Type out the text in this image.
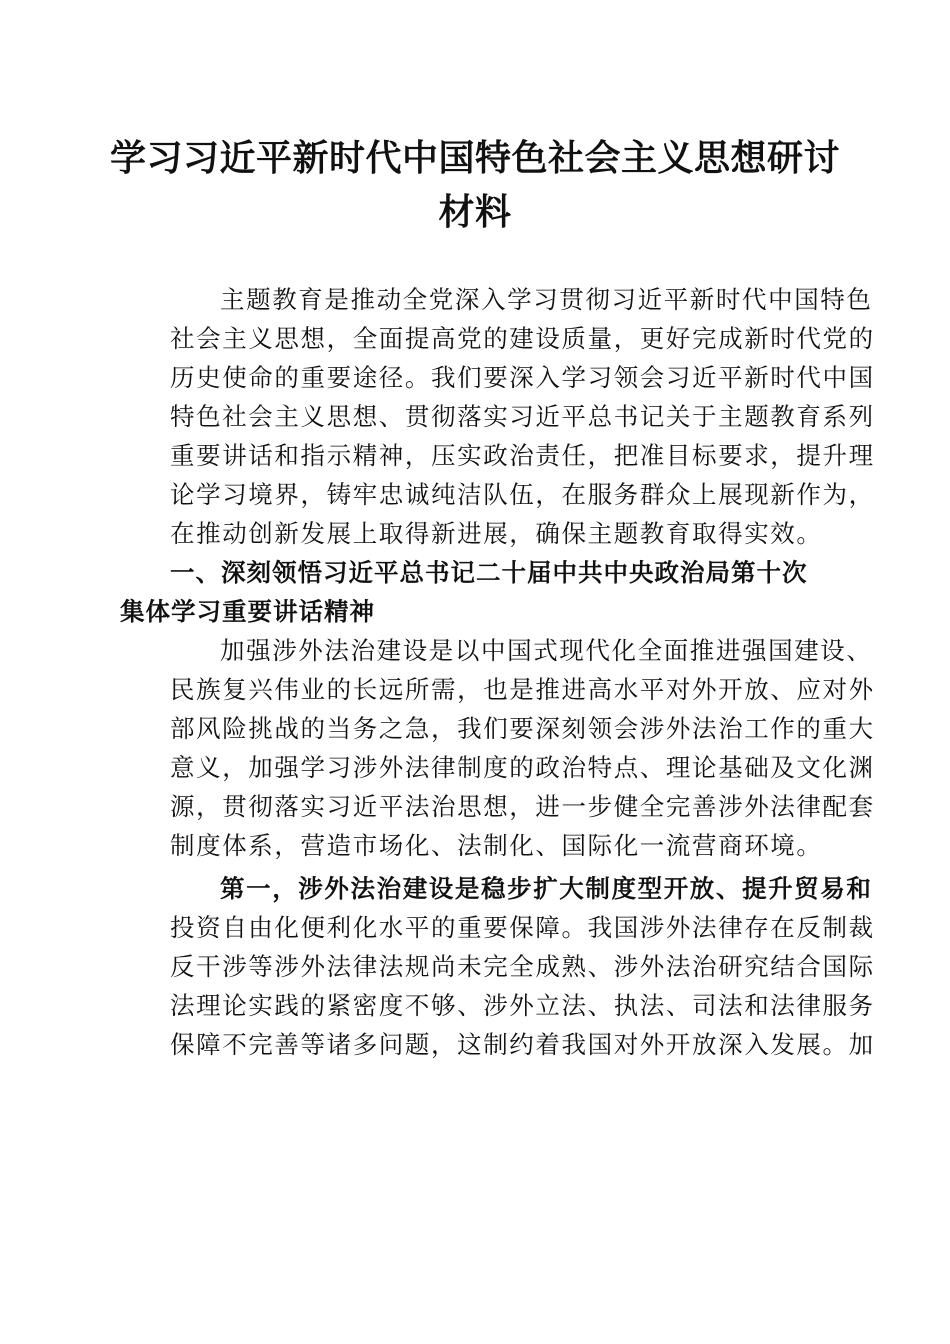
学习习近平新时代中国特色社会主义思想研讨
材料
主题教育是推动全党深入学习贯彻习近平新时代中国特色
社会主义思想，全面提高党的建设质量，更好完成新时代党的
历史使命的重要途径。我们要深入学习领会习近平新时代中国
特色社会主义思想、贯彻落实习近平总书记关于主题教育系列
重要讲话和指示精神，压实政治责任，把准目标要求，提升理
论学习境界，铸牢忠诚纯洁队伍，在服务群众上展现新作为，
在推动创新发展上取得新进展，确保主题教育取得实效。
一、深刻领悟习近平总书记二十届中共中央政治局第十次
集体学习重要讲话精神
加强涉外法治建设是以中国式现代化全面推进强国建设、
民族复兴伟业的长远所需，也是推进高水平对外开放、应对外
部风险挑战的当务之急，我们要深刻领会涉外法治工作的重大
意义，加强学习涉外法律制度的政治特点、理论基础及文化渊
源，贯彻落实习近平法治思想，进一步健全完善涉外法律配套
制度体系，营造市场化、法制化、国际化一流营商环境。
第一，涉外法治建设是稳步扩大制度型开放、提升贸易和
投资自由化便利化水平的重要保障。我国涉外法律存在反制裁
反干涉等涉外法律法规尚未完全成熟、涉外法治研究结合国际
法理论实践的紧密度不够、涉外立法、执法、司法和法律服务
保障不完善等诸多问题，这制约着我国对外开放深入发展。加
